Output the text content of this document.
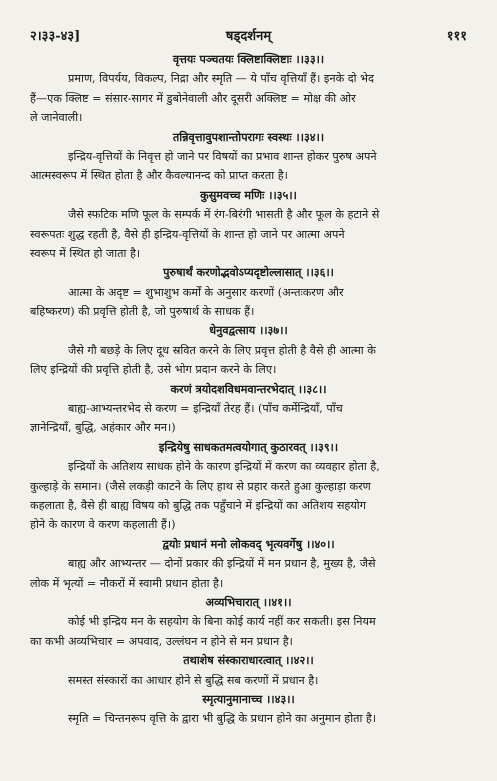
२।३३-४३]	षड्दर्शनम्	१११
वृत्तयः पञ्चतयः क्लिष्टाक्लिष्टाः ।।३३।।
प्रमाण, विपर्यय, विकल्प, निद्रा और स्मृति — ये पाँच वृत्तियाँ हैं। इनके दो भेद
हैं—एक क्लिष्ट = संसार-सागर में डुबोनेवाली और दूसरी अक्लिष्ट = मोक्ष की ओर
ले जानेवाली।
तन्निवृत्तावुपशान्तोपरागः स्वस्थः ।।३४।।
इन्द्रिय-वृत्तियों के निवृत्त हो जाने पर विषयों का प्रभाव शान्त होकर पुरुष अपने
आत्मस्वरूप में स्थित होता है और कैवल्यानन्द को प्राप्त करता है।
कुसुमवच्च मणिः ।।३५।।
जैसे स्फटिक मणि फूल के सम्पर्क में रंग-बिरंगी भासती है और फूल के हटाने से
स्वरूपतः शुद्ध रहती है, वैसे ही इन्द्रिय-वृत्तियों के शान्त हो जाने पर आत्मा अपने
स्वरूप में स्थित हो जाता है।
पुरुषार्थं करणोद्भवोऽप्यदृष्टोल्लासात् ।।३६।।
आत्मा के अदृष्ट = शुभाशुभ कर्मों के अनुसार करणों (अन्तःकरण और
बहिष्करण) की प्रवृत्ति होती है, जो पुरुषार्थ के साधक हैं।
धेनुवद्वत्साय ।।३७।।
जैसे गौ बछड़े के लिए दूध स्रवित करने के लिए प्रवृत्त होती है वैसे ही आत्मा के
लिए इन्द्रियों की प्रवृत्ति होती है, उसे भोग प्रदान करने के लिए।
करणं त्रयोदशविधमवान्तरभेदात् ।।३८।।
बाह्य-आभ्यन्तरभेद से करण = इन्द्रियाँ तेरह हैं। (पाँच कर्मेन्द्रियाँ, पाँच
ज्ञानेन्द्रियाँ, बुद्धि, अहंकार और मन।)
इन्द्रियेषु साधकतमत्वयोगात् कुठारवत् ।।३९।।
इन्द्रियों के अतिशय साधक होने के कारण इन्द्रियों में करण का व्यवहार होता है,
कुल्हाड़े के समान। (जैसे लकड़ी काटने के लिए हाथ से प्रहार करते हुआ कुल्हाड़ा करण
कहलाता है, वैसे ही बाह्य विषय को बुद्धि तक पहुँचाने में इन्द्रियों का अतिशय सहयोग
होने के कारण वे करण कहलाती हैं।)
द्वयोः प्रधानं मनो लोकवद् भृत्यवर्गेषु ।।४०।।
बाह्य और आभ्यन्तर — दोनों प्रकार की इन्द्रियों में मन प्रधान है, मुख्य है, जैसे
लोक में भृत्यों = नौकरों में स्वामी प्रधान होता है।
अव्यभिचारात् ।।४१।।
कोई भी इन्द्रिय मन के सहयोग के बिना कोई कार्य नहीं कर सकती। इस नियम
का कभी अव्यभिचार = अपवाद, उल्लंघन न होने से मन प्रधान है।
तथाशेष संस्काराधारत्वात् ।।४२।।
समस्त संस्कारों का आधार होने से बुद्धि सब करणों में प्रधान है।
स्मृत्यानुमानाच्च ।।४३।।
स्मृति = चिन्तनरूप वृत्ति के द्वारा भी बुद्धि के प्रधान होने का अनुमान होता है।
